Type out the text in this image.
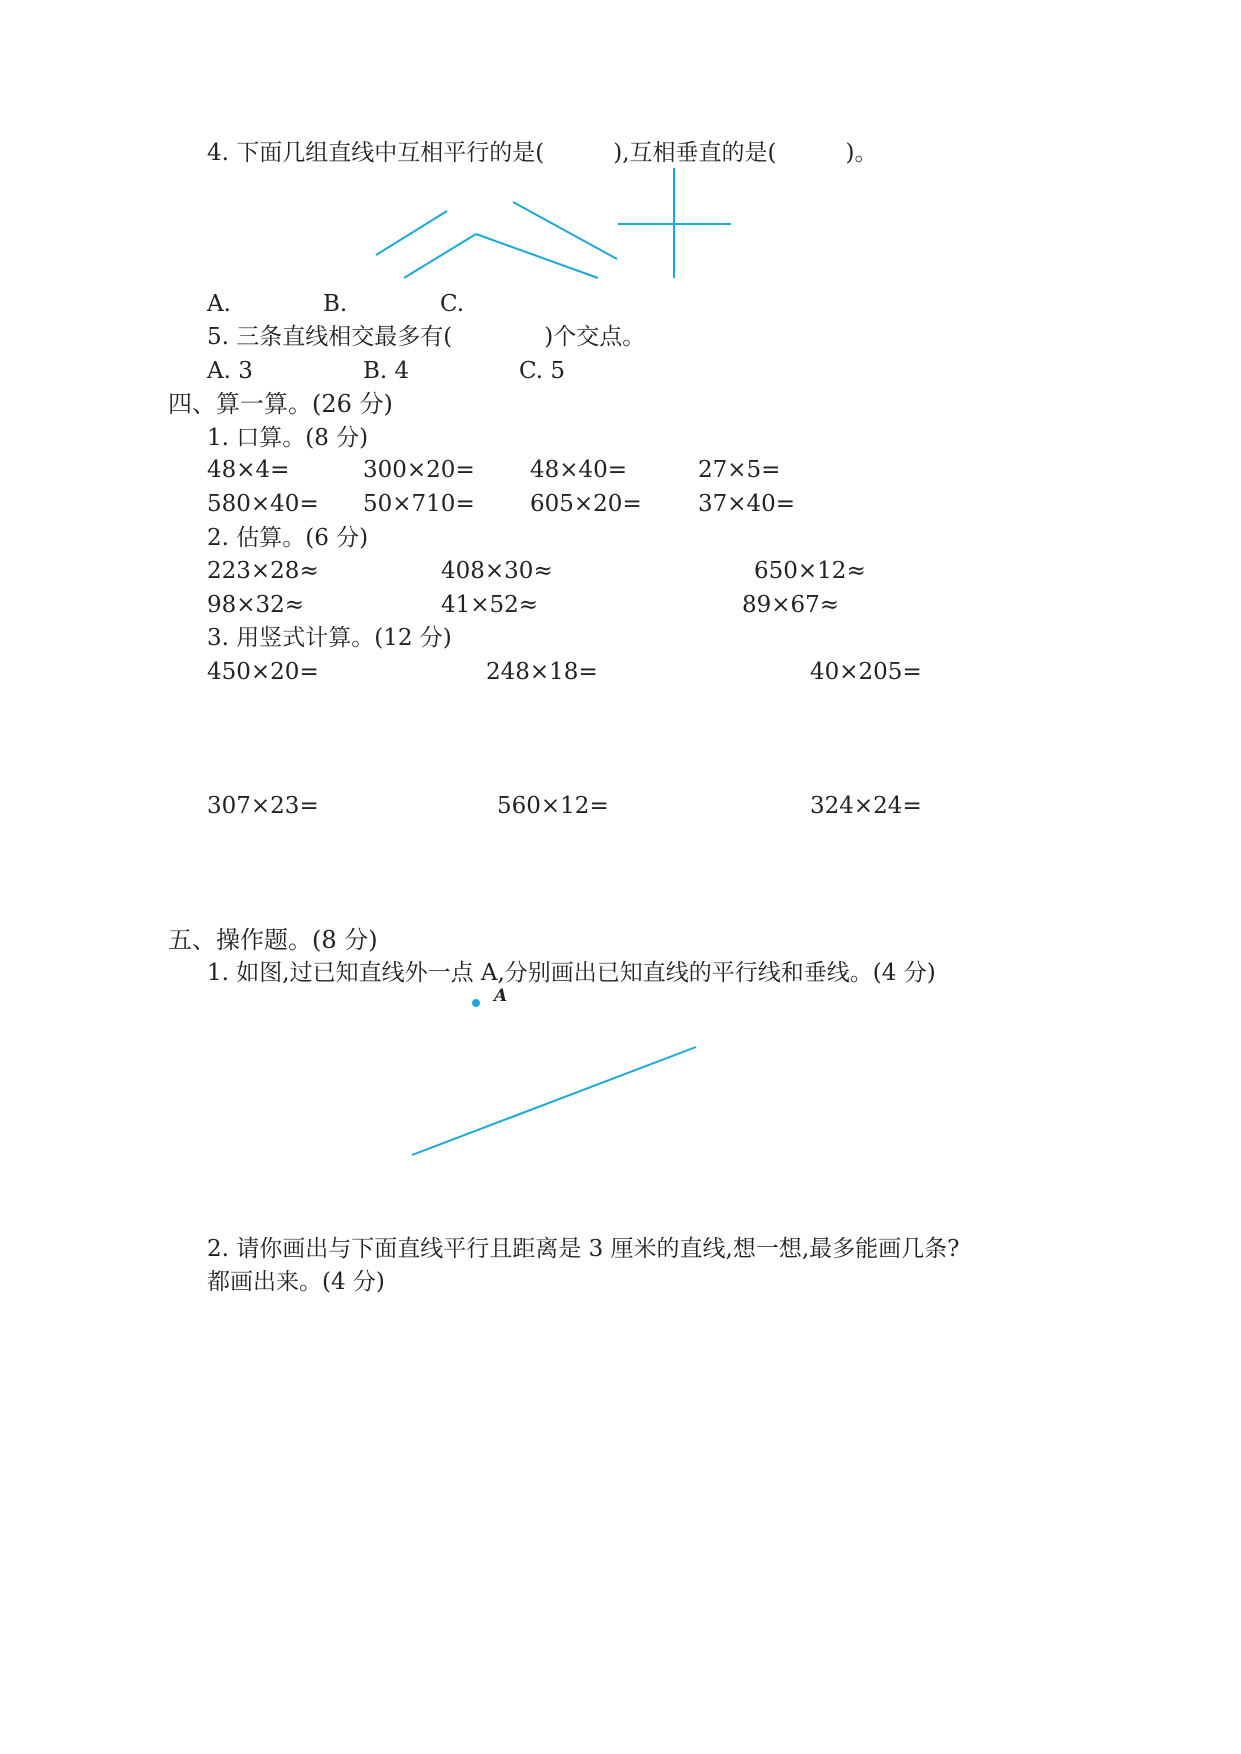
4. 下面几组直线中互相平行的是(　　　),互相垂直的是(　　　)。
A.	B.	C.
5. 三条直线相交最多有(　　　　)个交点。
A. 3	B. 4	C. 5
四、算一算。(26 分)
1. 口算。(8 分)
48×4=	300×20= 48×40=	27×5=
580×40= 50×710= 605×20= 37×40=
2. 估算。(6 分)
223×28≈	408×30≈	650×12≈
98×32≈	41×52≈	89×67≈
3. 用竖式计算。(12 分)
450×20=	248×18=	40×205=
307×23=	560×12=	324×24=
五、操作题。(8 分)
1. 如图,过已知直线外一点 A,分别画出已知直线的平行线和垂线。(4 分)
A
2. 请你画出与下面直线平行且距离是 3 厘米的直线,想一想,最多能画几条?
都画出来。(4 分)
